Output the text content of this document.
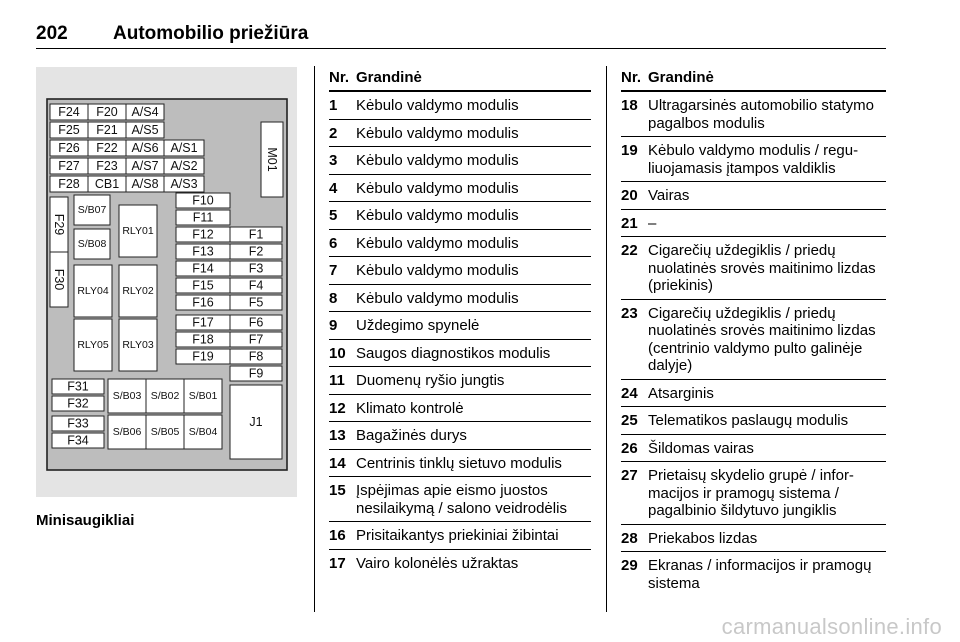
202 Automobilio priežiūra
F24 F20 A/S4
F25 F21 A/S5
F26 F22 A/S6 A/S1
F27 F23 A/S7 A/S2
F28 CB1 A/S8 A/S3
M01
F29
F30
S/B07
S/B08
RLY01
F10
F11
F12	F1
F13	F2
RLY04 RLY02
F14	F3
F15	F4
F16	F5
RLY05 RLY03
F17	F6
F18	F7
F19	F8
F9
F31
F32
F33
F34
S/B03 S/B02 S/B01
S/B06 S/B05 S/B04
J1
Minisaugikliai
Nr. Grandinė
1 Kėbulo valdymo modulis
2 Kėbulo valdymo modulis
3 Kėbulo valdymo modulis
4 Kėbulo valdymo modulis
5 Kėbulo valdymo modulis
6 Kėbulo valdymo modulis
7 Kėbulo valdymo modulis
8 Kėbulo valdymo modulis
9 Uždegimo spynelė
10 Saugos diagnostikos modulis
11 Duomenų ryšio jungtis
12 Klimato kontrolė
13 Bagažinės durys
14 Centrinis tinklų sietuvo modulis
15 Įspėjimas apie eismo juostos nesilaikymą / salono veidrodėlis
16 Prisitaikantys priekiniai žibintai
17 Vairo kolonėlės užraktas
Nr. Grandinė
18 Ultragarsinės automobilio statymo pagalbos modulis
19 Kėbulo valdymo modulis / regu-liuojamasis įtampos valdiklis
20 Vairas
21 –
22 Cigarečių uždegiklis / priedų nuolatinės srovės maitinimo lizdas (priekinis)
23 Cigarečių uždegiklis / priedų nuolatinės srovės maitinimo lizdas (centrinio valdymo pulto galinėje dalyje)
24 Atsarginis
25 Telematikos paslaugų modulis
26 Šildomas vairas
27 Prietaisų skydelio grupė / infor-macijos ir pramogų sistema / pagalbinio šildytuvo jungiklis
28 Priekabos lizdas
29 Ekranas / informacijos ir pramogų sistema
carmanualsonline.info
